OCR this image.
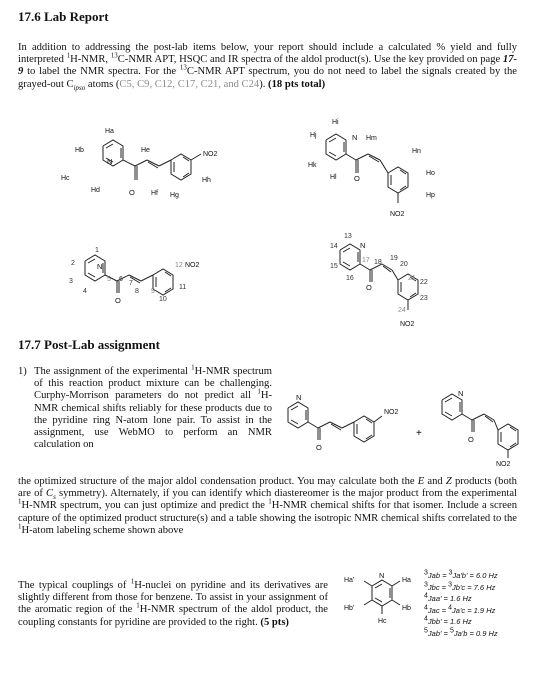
17.6 Lab Report
In addition to addressing the post-lab items below, your report should include a calculated % yield and fully interpreted $^1$H-NMR, $^{13}$C-NMR APT, HSQC and IR spectra of the aldol product(s). Use the key provided on page 17-9 to label the NMR spectra. For the $^{13}$C-NMR APT spectrum, you do not need to label the signals created by the grayed-out $C_{ipso}$ atoms (C5, C9, C12, C17, C21, and C24). (18 pts total)
Ha
Hb
N
He
NO2
Hc
Hd	O Hf Hg
Hh
Hi
Hj	N Hm
Hk
Hl O
Hn
Ho
Hp
NO2
1
2	N
3
4
5 6
7
8 9
10
11
12 NO2
O
13
14	N
15
16
17 18
19
20
21
22
23
24
O
NO2
17.7 Post-Lab assignment
1) The assignment of the experimental $^1$H-NMR spectrum of this reaction product mixture can be challenging. Curphy-Morrison parameters do not predict all $^1$H-NMR chemical shifts reliably for these products due to the pyridine ring N-atom lone pair. To assist in the assignment, use WebMO to perform an NMR calculation on
N
NO2
O
+
N
O
NO2
the optimized structure of the major aldol condensation product. You may calculate both the E and Z products (both are of $C_s$ symmetry). Alternately, if you can identify which diastereomer is the major product from the experimental $^1$H-NMR spectrum, you can just optimize and predict the $^1$H-NMR chemical shifts for that isomer. Include a screen capture of the optimized product structure(s) and a table showing the isotropic NMR chemical shifts correlated to the $^1$H-atom labeling scheme shown above
The typical couplings of $^1$H-nuclei on pyridine and its derivatives are slightly different from those for benzene. To assist in your assignment of the aromatic region of the $^1$H-NMR spectrum of the aldol product, the coupling constants for pyridine are provided to the right. (5 pts)
Ha'	Ha
Hb'	Hb
Hc
N	$^3$Jab = $^3$Ja'b' = 6.0 Hz
$^3$Jbc = $^3$Jb'c = 7.6 Hz
$^4$Jaa' = 1.6 Hz
$^4$Jac = $^4$Ja'c = 1.9 Hz
$^4$Jbb' = 1.6 Hz
$^5$Jab' = $^5$Ja'b = 0.9 Hz
